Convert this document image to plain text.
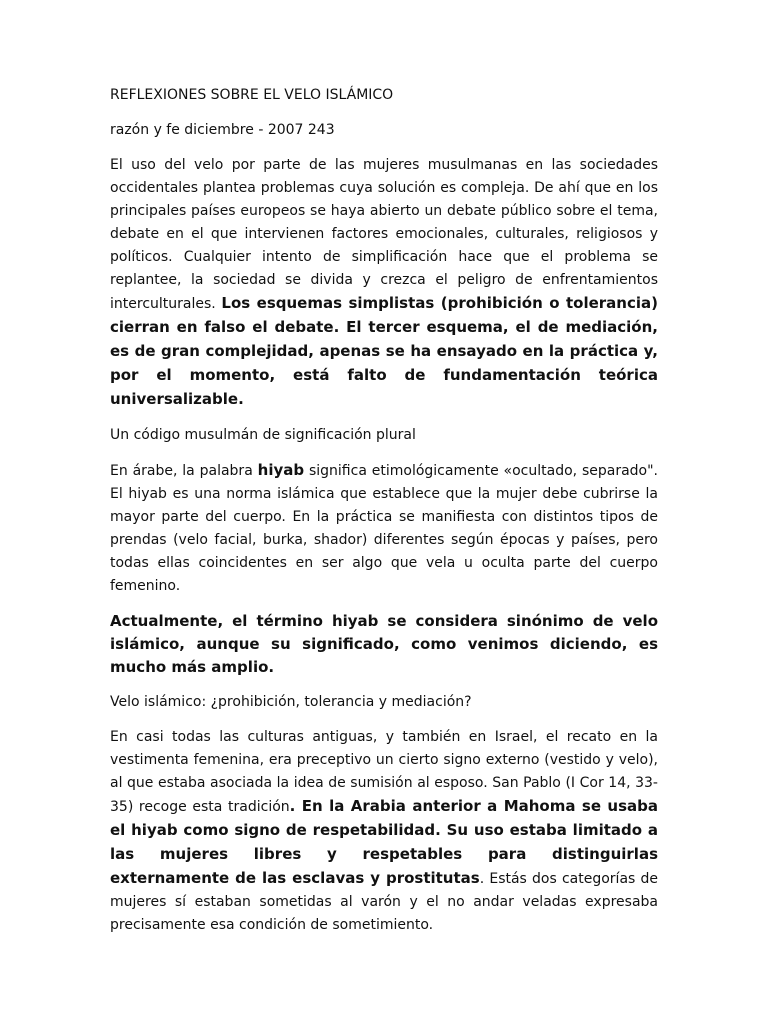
REFLEXIONES SOBRE EL VELO ISLÁMICO
razón y fe diciembre - 2007 243

El uso del velo por parte de las mujeres musulmanas en las sociedades occidentales plantea problemas cuya solución es compleja. De ahí que en los principales países europeos se haya abierto un debate público sobre el tema, debate en el que intervienen factores emocionales, culturales, religiosos y políticos. Cualquier intento de simplificación hace que el problema se replantee, la sociedad se divida y crezca el peligro de enfrentamientos interculturales. Los esquemas simplistas (prohibición o tolerancia) cierran en falso el debate. El tercer esquema, el de mediación, es de gran complejidad, apenas se ha ensayado en la práctica y, por el momento, está falto de fundamentación teórica universalizable.

Un código musulmán de significación plural

En árabe, la palabra hiyab significa etimológicamente «ocultado, separado". El hiyab es una norma islámica que establece que la mujer debe cubrirse la mayor parte del cuerpo. En la práctica se manifiesta con distintos tipos de prendas (velo facial, burka, shador) diferentes según épocas y países, pero todas ellas coincidentes en ser algo que vela u oculta parte del cuerpo femenino.

Actualmente, el término hiyab se considera sinónimo de velo islámico, aunque su significado, como venimos diciendo, es mucho más amplio.

Velo islámico: ¿prohibición, tolerancia y mediación?

En casi todas las culturas antiguas, y también en Israel, el recato en la vestimenta femenina, era preceptivo un cierto signo externo (vestido y velo), al que estaba asociada la idea de sumisión al esposo. San Pablo (I Cor 14, 33-35) recoge esta tradición. En la Arabia anterior a Mahoma se usaba el hiyab como signo de respetabilidad. Su uso estaba limitado a las mujeres libres y respetables para distinguirlas externamente de las esclavas y prostitutas. Estás dos categorías de mujeres sí estaban sometidas al varón y el no andar veladas expresaba precisamente esa condición de sometimiento.
